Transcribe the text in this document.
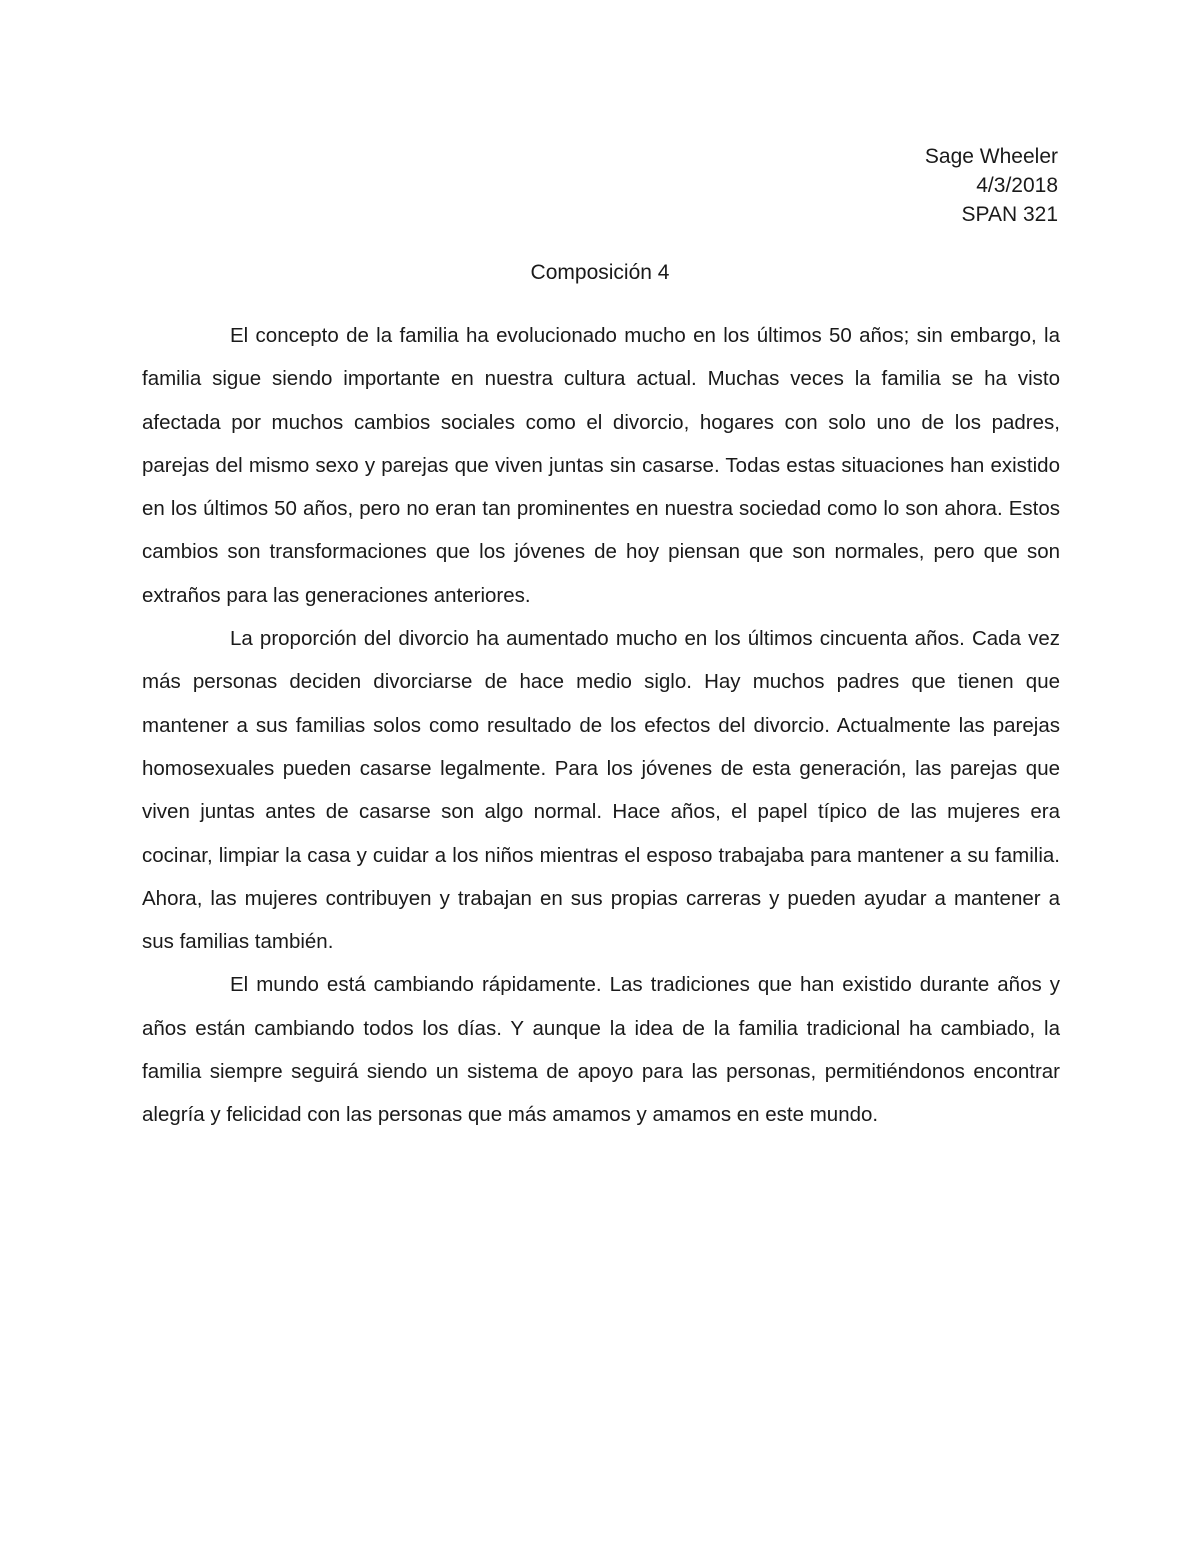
Sage Wheeler
4/3/2018
SPAN 321
Composición 4

El concepto de la familia ha evolucionado mucho en los últimos 50 años; sin embargo, la familia sigue siendo importante en nuestra cultura actual. Muchas veces la familia se ha visto afectada por muchos cambios sociales como el divorcio, hogares con solo uno de los padres, parejas del mismo sexo y parejas que viven juntas sin casarse. Todas estas situaciones han existido en los últimos 50 años, pero no eran tan prominentes en nuestra sociedad como lo son ahora. Estos cambios son transformaciones que los jóvenes de hoy piensan que son normales, pero que son extraños para las generaciones anteriores.

La proporción del divorcio ha aumentado mucho en los últimos cincuenta años. Cada vez más personas deciden divorciarse de hace medio siglo. Hay muchos padres que tienen que mantener a sus familias solos como resultado de los efectos del divorcio. Actualmente las parejas homosexuales pueden casarse legalmente. Para los jóvenes de esta generación, las parejas que viven juntas antes de casarse son algo normal. Hace años, el papel típico de las mujeres era cocinar, limpiar la casa y cuidar a los niños mientras el esposo trabajaba para mantener a su familia. Ahora, las mujeres contribuyen y trabajan en sus propias carreras y pueden ayudar a mantener a sus familias también.

El mundo está cambiando rápidamente. Las tradiciones que han existido durante años y años están cambiando todos los días. Y aunque la idea de la familia tradicional ha cambiado, la familia siempre seguirá siendo un sistema de apoyo para las personas, permitiéndonos encontrar alegría y felicidad con las personas que más amamos y amamos en este mundo.
